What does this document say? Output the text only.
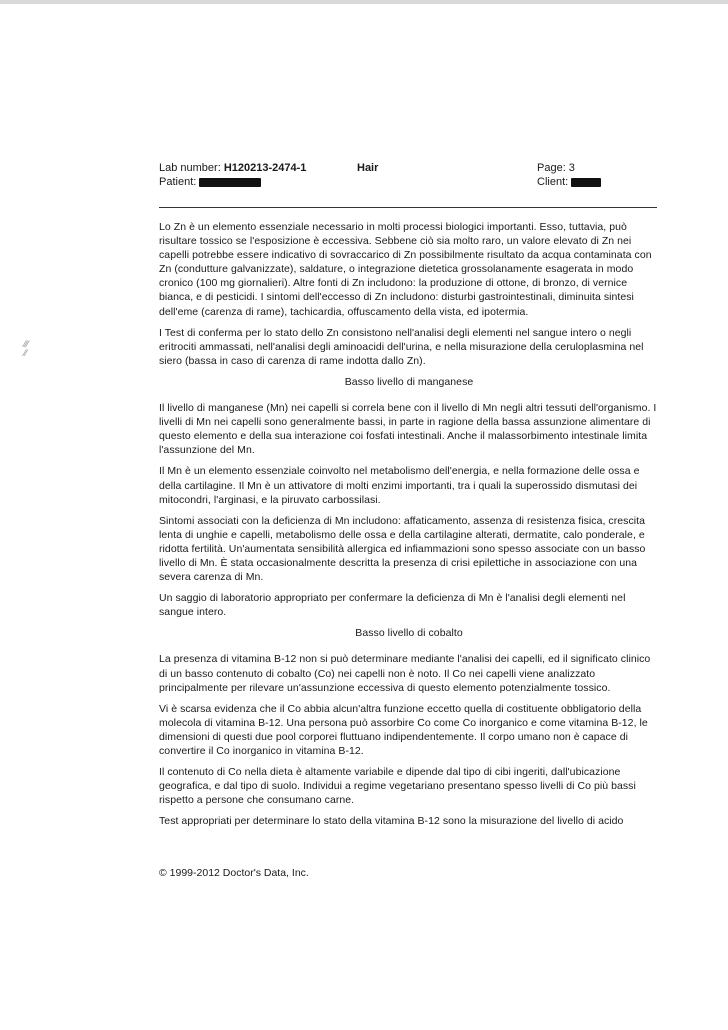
⁄⁄⁄
⁄⁄
Lab number: H120213-2474-1	Hair	Page: 3
Patient:	Client:

Lo Zn è un elemento essenziale necessario in molti processi biologici importanti. Esso, tuttavia, può risultare tossico se l'esposizione è eccessiva. Sebbene ciò sia molto raro, un valore elevato di Zn nei capelli potrebbe essere indicativo di sovraccarico di Zn possibilmente risultato da acqua contaminata con Zn (condutture galvanizzate), saldature, o integrazione dietetica grossolanamente esagerata in modo cronico (100 mg giornalieri). Altre fonti di Zn includono: la produzione di ottone, di bronzo, di vernice bianca, e di pesticidi. I sintomi dell'eccesso di Zn includono: disturbi gastrointestinali, diminuita sintesi dell'eme (carenza di rame), tachicardia, offuscamento della vista, ed ipotermia.

I Test di conferma per lo stato dello Zn consistono nell'analisi degli elementi nel sangue intero o negli eritrociti ammassati, nell'analisi degli aminoacidi dell'urina, e nella misurazione della ceruloplasmina nel siero (bassa in caso di carenza di rame indotta dallo Zn).

Basso livello di manganese

Il livello di manganese (Mn) nei capelli si correla bene con il livello di Mn negli altri tessuti dell'organismo. I livelli di Mn nei capelli sono generalmente bassi, in parte in ragione della bassa assunzione alimentare di questo elemento e della sua interazione coi fosfati intestinali. Anche il malassorbimento intestinale limita l'assunzione del Mn.

Il Mn è un elemento essenziale coinvolto nel metabolismo dell'energia, e nella formazione delle ossa e della cartilagine. Il Mn è un attivatore di molti enzimi importanti, tra i quali la superossido dismutasi dei mitocondri, l'arginasi, e la piruvato carbossilasi.

Sintomi associati con la deficienza di Mn includono: affaticamento, assenza di resistenza fisica, crescita lenta di unghie e capelli, metabolismo delle ossa e della cartilagine alterati, dermatite, calo ponderale, e ridotta fertilità. Un'aumentata sensibilità allergica ed infiammazioni sono spesso associate con un basso livello di Mn. È stata occasionalmente descritta la presenza di crisi epilettiche in associazione con una severa carenza di Mn.

Un saggio di laboratorio appropriato per confermare la deficienza di Mn è l'analisi degli elementi nel sangue intero.

Basso livello di cobalto

La presenza di vitamina B-12 non si può determinare mediante l'analisi dei capelli, ed il significato clinico di un basso contenuto di cobalto (Co) nei capelli non è noto. Il Co nei capelli viene analizzato principalmente per rilevare un'assunzione eccessiva di questo elemento potenzialmente tossico.

Vi è scarsa evidenza che il Co abbia alcun'altra funzione eccetto quella di costituente obbligatorio della molecola di vitamina B-12. Una persona può assorbire Co come Co inorganico e come vitamina B-12, le dimensioni di questi due pool corporei fluttuano indipendentemente. Il corpo umano non è capace di convertire il Co inorganico in vitamina B-12.

Il contenuto di Co nella dieta è altamente variabile e dipende dal tipo di cibi ingeriti, dall'ubicazione geografica, e dal tipo di suolo. Individui a regime vegetariano presentano spesso livelli di Co più bassi rispetto a persone che consumano carne.

Test appropriati per determinare lo stato della vitamina B-12 sono la misurazione del livello di acido

© 1999-2012 Doctor's Data, Inc.
